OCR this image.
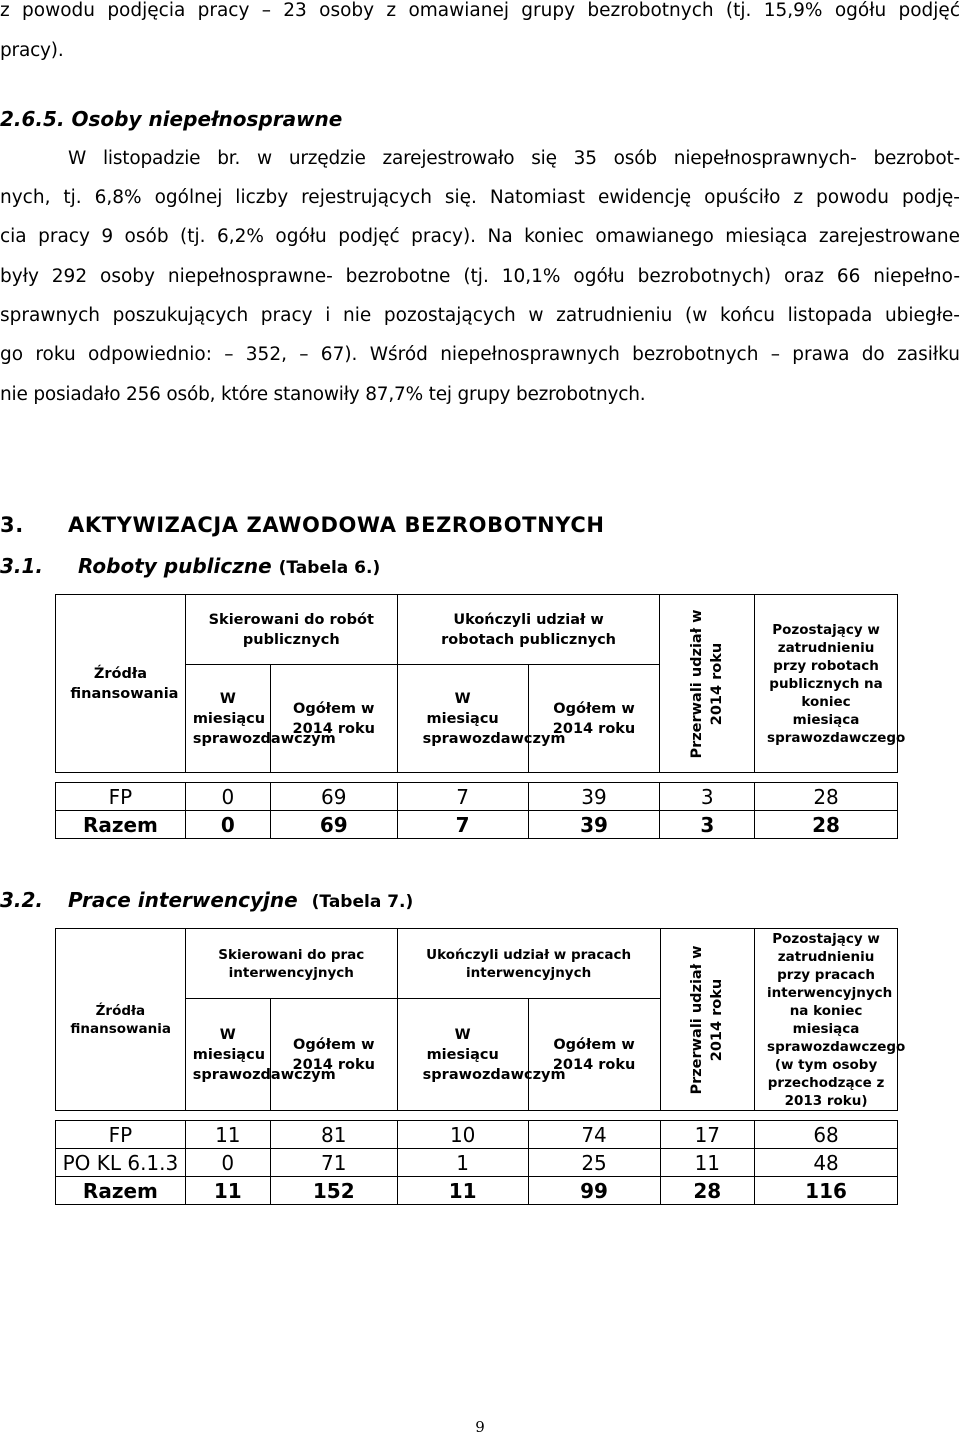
z powodu podjęcia pracy – 23 osoby z omawianej grupy bezrobotnych (tj. 15,9% ogółu podjęć
pracy).
2.6.5. Osoby niepełnosprawne
W listopadzie br. w urzędzie zarejestrowało się 35 osób niepełnosprawnych- bezrobot-
nych, tj. 6,8% ogólnej liczby rejestrujących się. Natomiast ewidencję opuściło z powodu podję-
cia pracy 9 osób (tj. 6,2% ogółu podjęć pracy). Na koniec omawianego miesiąca zarejestrowane
były 292 osoby niepełnosprawne- bezrobotne (tj. 10,1% ogółu bezrobotnych) oraz 66 niepełno-
sprawnych poszukujących pracy i nie pozostających w zatrudnieniu (w końcu listopada ubiegłe-
go roku odpowiednio: – 352, – 67). Wśród niepełnosprawnych bezrobotnych – prawa do zasiłku
nie posiadało 256 osób, które stanowiły 87,7% tej grupy bezrobotnych.
3. AKTYWIZACJA ZAWODOWA BEZROBOTNYCH
3.1. Roboty publiczne (Tabela 6.)
Źródła finansowania	Skierowani do robót publicznych		Ukończyli udział w robotach publicznych		Przerwali udział w 2014 roku	Pozostający w zatrudnieniu przy robotach publicznych na koniec miesiąca sprawozdawczego

	W miesiącu sprawozdawczym	Ogółem w 2014 roku	W miesiącu sprawozdawczym	Ogółem w 2014 roku		

FP	0	69	7	39	3	28
Razem	0	69	7	39	3	28
3.2. Prace interwencyjne (Tabela 7.)
Źródła finansowania	Skierowani do prac interwencyjnych		Ukończyli udział w pracach interwencyjnych		Przerwali udział w 2014 roku	Pozostający w zatrudnieniu przy pracach interwencyjnych na koniec miesiąca sprawozdawczego (w tym osoby przechodzące z 2013 roku)

	W miesiącu sprawozdawczym	Ogółem w 2014 roku	W miesiącu sprawozdawczym	Ogółem w 2014 roku		

FP	11	81	10	74	17	68
PO KL 6.1.3	0	71	1	25	11	48
Razem	11	152	11	99	28	116
9
